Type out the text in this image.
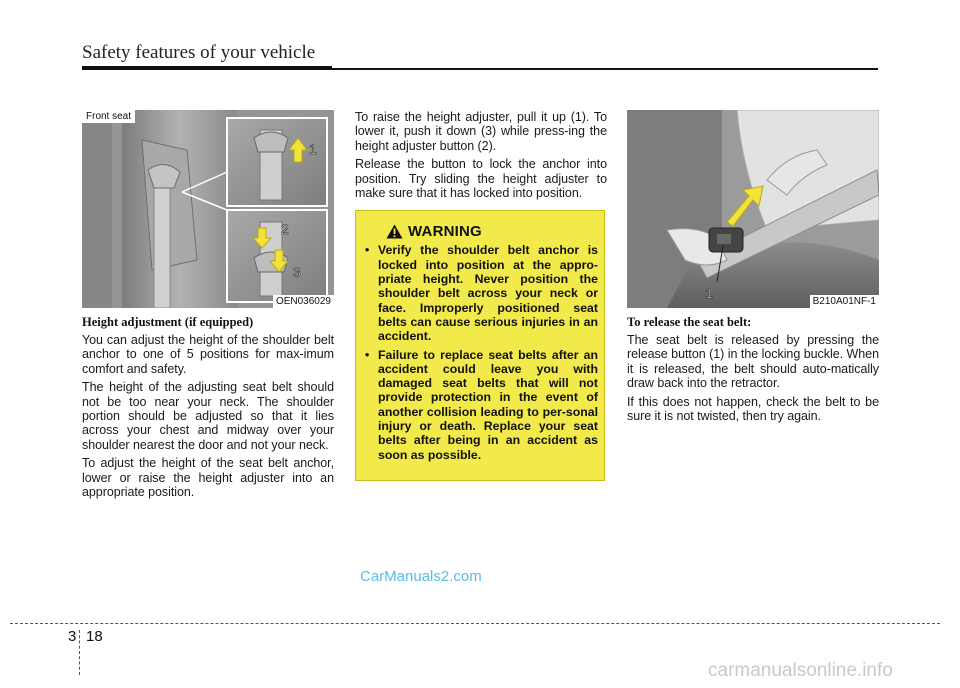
Safety features of your vehicle
1
2
3
Front seat
OEN036029
Height adjustment (if equipped)

You can adjust the height of the shoulder belt anchor to one of 5 positions for max-imum comfort and safety.

The height of the adjusting seat belt should not be too near your neck. The shoulder portion should be adjusted so that it lies across your chest and midway over your shoulder nearest the door and not your neck.

To adjust the height of the seat belt anchor, lower or raise the height adjuster into an appropriate position.

To raise the height adjuster, pull it up (1). To lower it, push it down (3) while press-ing the height adjuster button (2).

Release the button to lock the anchor into position. Try sliding the height adjuster to make sure that it has locked into position.

WARNING
• Verify the shoulder belt anchor is locked into position at the appro-priate height. Never position the shoulder belt across your neck or face. Improperly positioned seat belts can cause serious injuries in an accident.
• Failure to replace seat belts after an accident could leave you with damaged seat belts that will not provide protection in the event of another collision leading to per-sonal injury or death. Replace your seat belts after being in an accident as soon as possible.
1
B210A01NF-1
To release the seat belt:

The seat belt is released by pressing the release button (1) in the locking buckle. When it is released, the belt should auto-matically draw back into the retractor.

If this does not happen, check the belt to be sure it is not twisted, then try again.

CarManuals2.com
3 18
carmanualsonline.info
